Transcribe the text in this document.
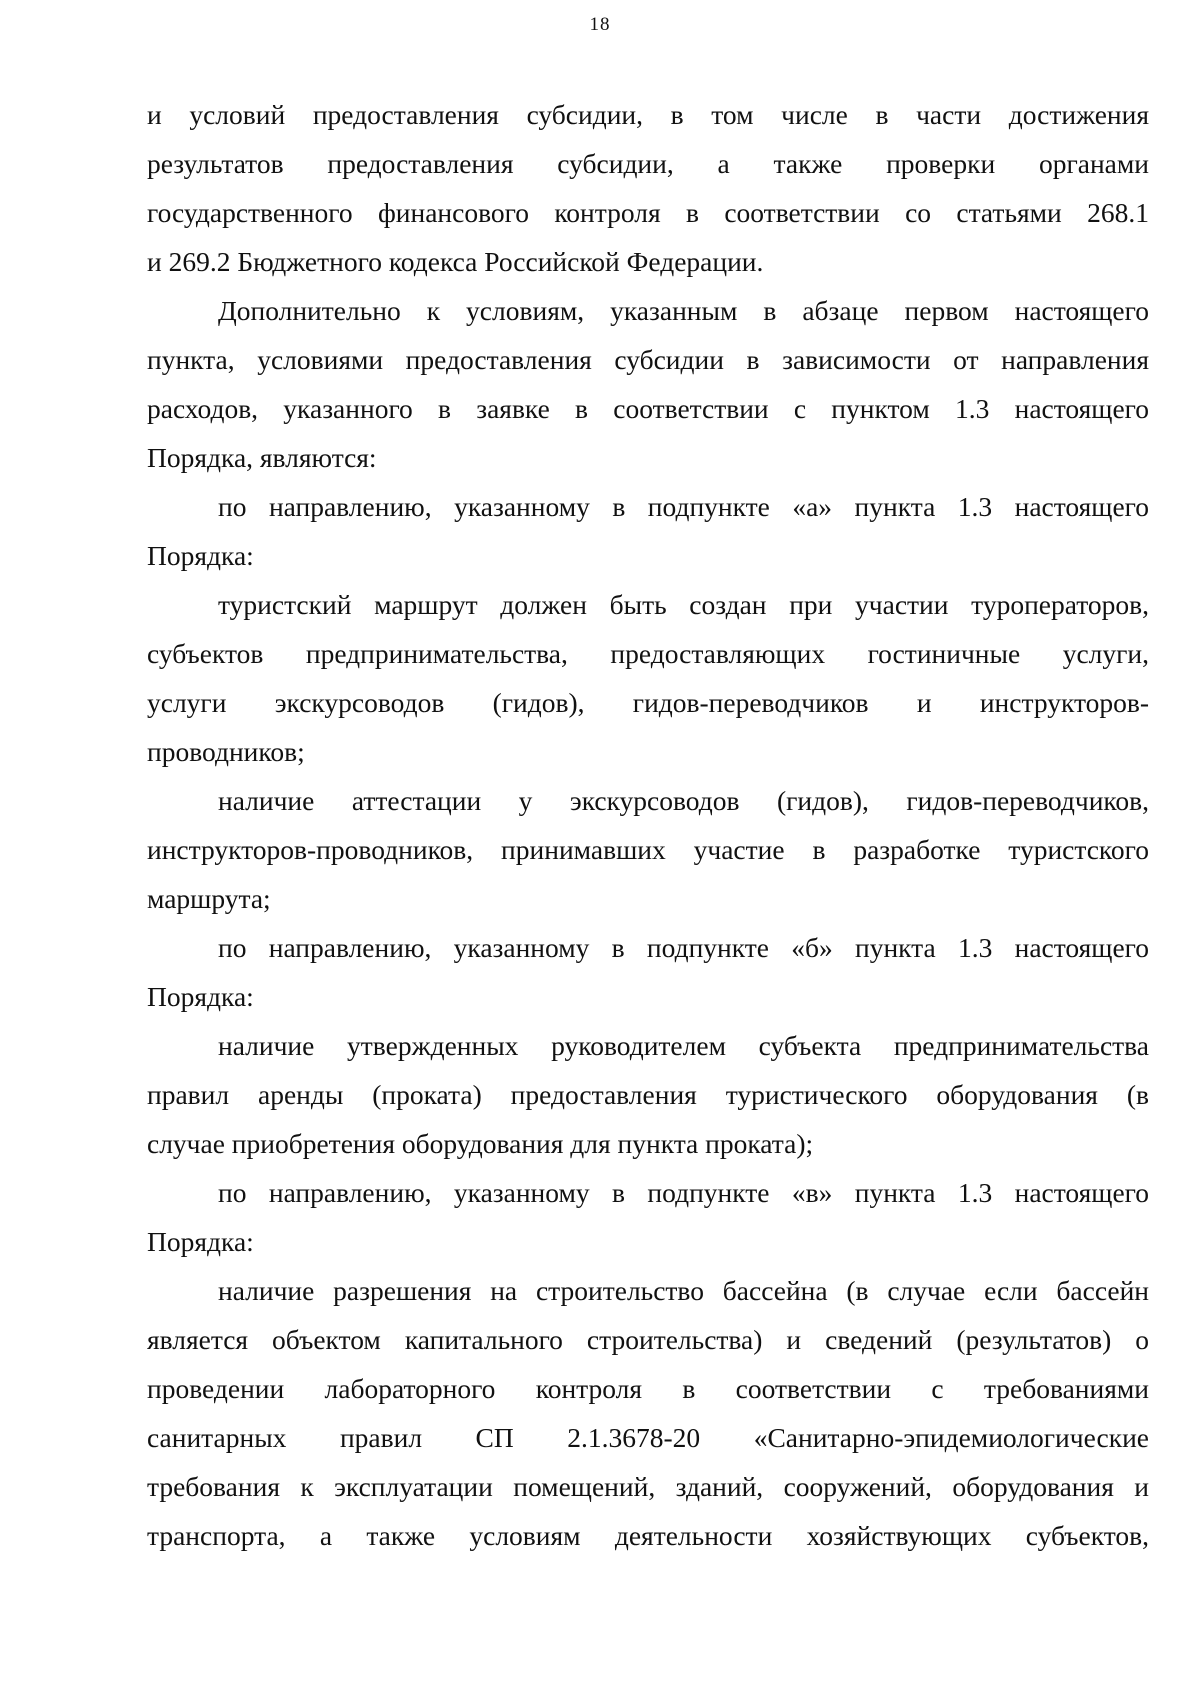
18
и условий предоставления субсидии, в том числе в части достижения
результатов предоставления субсидии, а также проверки органами
государственного финансового контроля в соответствии со статьями 268.1
и 269.2 Бюджетного кодекса Российской Федерации.
Дополнительно к условиям, указанным в абзаце первом настоящего
пункта, условиями предоставления субсидии в зависимости от направления
расходов, указанного в заявке в соответствии с пунктом 1.3 настоящего
Порядка, являются:
по направлению, указанному в подпункте «а» пункта 1.3 настоящего
Порядка:
туристский маршрут должен быть создан при участии туроператоров,
субъектов предпринимательства, предоставляющих гостиничные услуги,
услуги экскурсоводов (гидов), гидов-переводчиков и инструкторов-
проводников;
наличие аттестации у экскурсоводов (гидов), гидов-переводчиков,
инструкторов-проводников, принимавших участие в разработке туристского
маршрута;
по направлению, указанному в подпункте «б» пункта 1.3 настоящего
Порядка:
наличие утвержденных руководителем субъекта предпринимательства
правил аренды (проката) предоставления туристического оборудования (в
случае приобретения оборудования для пункта проката);
по направлению, указанному в подпункте «в» пункта 1.3 настоящего
Порядка:
наличие разрешения на строительство бассейна (в случае если бассейн
является объектом капитального строительства) и сведений (результатов) о
проведении лабораторного контроля в соответствии с требованиями
санитарных правил СП 2.1.3678-20 «Санитарно-эпидемиологические
требования к эксплуатации помещений, зданий, сооружений, оборудования и
транспорта, а также условиям деятельности хозяйствующих субъектов,
